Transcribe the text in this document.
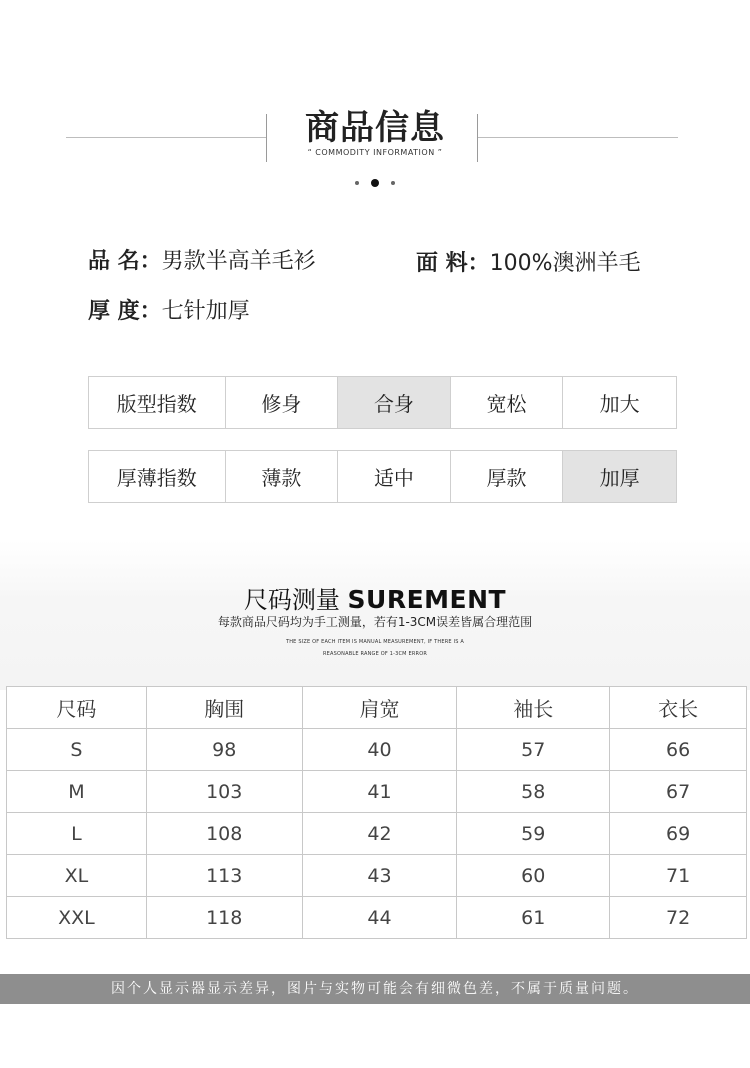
商品信息
“ COMMODITY INFORMATION ”
品 名：男款半高羊毛衫	面 料：100%澳洲羊毛
厚 度：七针加厚
版型指数	修身	合身	宽松	加大
厚薄指数	薄款	适中	厚款	加厚
尺码测量 SUREMENT
每款商品尺码均为手工测量，若有1-3CM误差皆属合理范围
THE SIZE OF EACH ITEM IS MANUAL MEASUREMENT, IF THERE IS A
REASONABLE RANGE OF 1-3CM ERROR
尺码	胸围	肩宽	袖长	衣长
S	98	40	57	66
M	103	41	58	67
L	108	42	59	69
XL	113	43	60	71
XXL	118	44	61	72
因个人显示器显示差异，图片与实物可能会有细微色差，不属于质量问题。
